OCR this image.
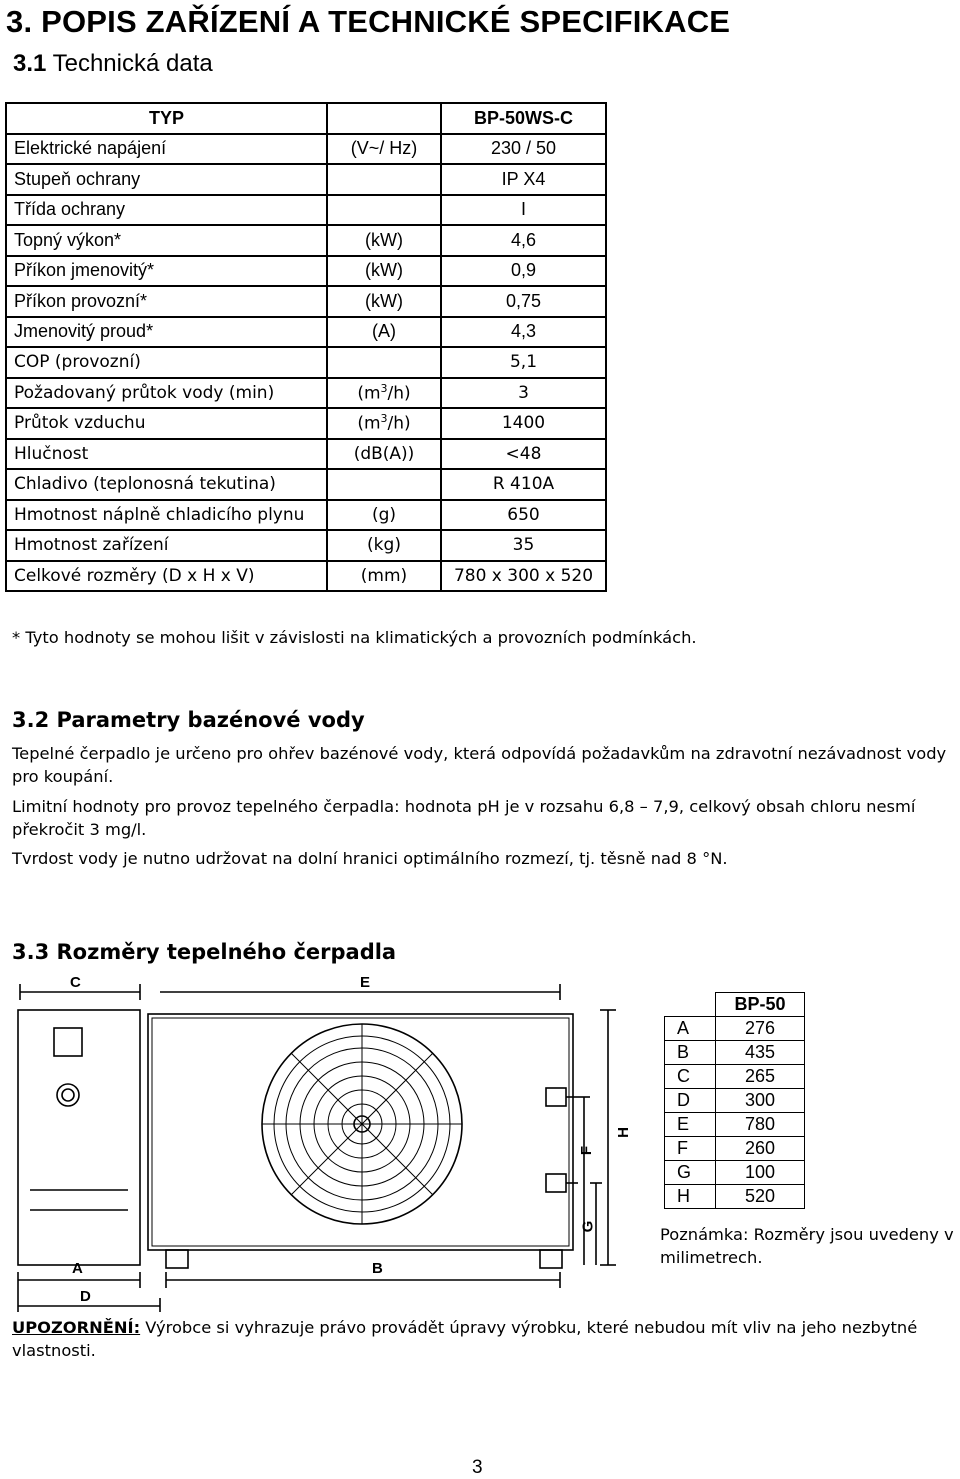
3. POPIS ZAŘÍZENÍ A TECHNICKÉ SPECIFIKACE
3.1 Technická data
TYP		BP-50WS-C
Elektrické napájení	(V~/ Hz)	230 / 50
Stupeň ochrany		IP X4
Třída ochrany		I
Topný výkon*	(kW)	4,6
Příkon jmenovitý*	(kW)	0,9
Příkon provozní*	(kW)	0,75
Jmenovitý proud*	(A)	4,3
COP (provozní)		5,1
Požadovaný průtok vody (min)	$(m^3/h)$	3
Průtok vzduchu	$(m^3/h)$	1400
Hlučnost	(dB(A))	<48
Chladivo (teplonosná tekutina)		R 410A
Hmotnost náplně chladicího plynu	(g)	650
Hmotnost zařízení	(kg)	35
Celkové rozměry (D x H x V)	(mm)	780 x 300 x 520
* Tyto hodnoty se mohou lišit v závislosti na klimatických a provozních podmínkách.
3.2 Parametry bazénové vody
Tepelné čerpadlo je určeno pro ohřev bazénové vody, která odpovídá požadavkům na zdravotní nezávadnost vody pro koupání.
Limitní hodnoty pro provoz tepelného čerpadla: hodnota pH je v rozsahu 6,8 – 7,9, celkový obsah chloru nesmí překročit 3 mg/l.
Tvrdost vody je nutno udržovat na dolní hranici optimálního rozmezí, tj. těsně nad 8 °N.
3.3 Rozměry tepelného čerpadla
C	E
H
F
G
A	B
D
	BP-50
A	276
B	435
C	265
D	300
E	780
F	260
G	100
H	520
Poznámka: Rozměry jsou uvedeny v milimetrech.
UPOZORNĚNÍ: Výrobce si vyhrazuje právo provádět úpravy výrobku, které nebudou mít vliv na jeho nezbytné vlastnosti.
3
